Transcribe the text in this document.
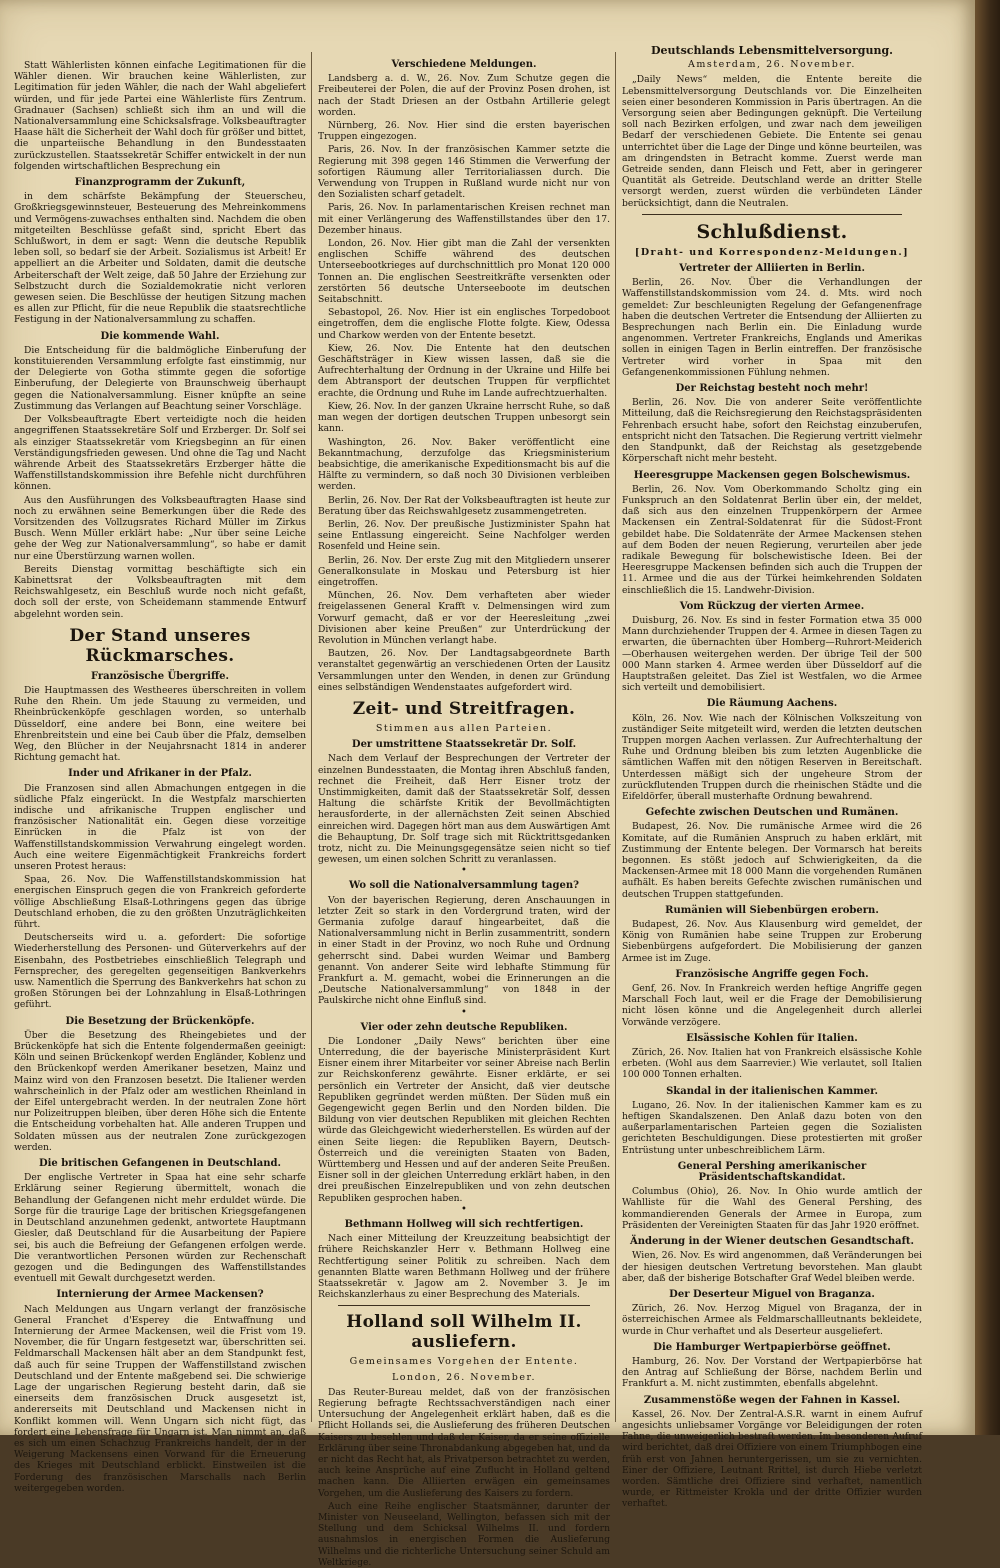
Statt Wählerlisten können einfache Legitimationen für die Wähler dienen. Wir brauchen keine Wählerlisten, zur Legitimation für jeden Wähler, die nach der Wahl abgeliefert würden, und für jede Partei eine Wählerliste fürs Zentrum. Gradnauer (Sachsen) schließt sich ihm an und will die Nationalversammlung eine Schicksalsfrage. Volksbeauftragter Haase hält die Sicherheit der Wahl doch für größer und bittet, die unparteiische Behandlung in den Bundesstaaten zurückzustellen. Staatssekretär Schiffer entwickelt in der nun folgenden wirtschaftlichen Besprechung ein

Finanzprogramm der Zukunft,

in dem schärfste Bekämpfung der Steuerscheu, Großkriegsgewinnsteuer, Besteuerung des Mehreinkommens und Vermögens-zuwachses enthalten sind. Nachdem die oben mitgeteilten Beschlüsse gefaßt sind, spricht Ebert das Schlußwort, in dem er sagt: Wenn die deutsche Republik leben soll, so bedarf sie der Arbeit. Sozialismus ist Arbeit! Er appelliert an die Arbeiter und Soldaten, damit die deutsche Arbeiterschaft der Welt zeige, daß 50 Jahre der Erziehung zur Selbstzucht durch die Sozialdemokratie nicht verloren gewesen seien. Die Beschlüsse der heutigen Sitzung machen es allen zur Pflicht, für die neue Republik die staatsrechtliche Festigung in der Nationalversammlung zu schaffen.

Die kommende Wahl.

Die Entscheidung für die baldmögliche Einberufung der konstituierenden Versammlung erfolgte fast einstimmig, nur der Delegierte von Gotha stimmte gegen die sofortige Einberufung, der Delegierte von Braunschweig überhaupt gegen die Nationalversammlung. Eisner knüpfte an seine Zustimmung das Verlangen auf Beachtung seiner Vorschläge.

Der Volksbeauftragte Ebert verteidigte noch die heiden angegriffenen Staatssekretäre Solf und Erzberger. Dr. Solf sei als einziger Staatssekretär vom Kriegsbeginn an für einen Verständigungsfrieden gewesen. Und ohne die Tag und Nacht währende Arbeit des Staatssekretärs Erzberger hätte die Waffenstillstandskommission ihre Befehle nicht durchführen können.

Aus den Ausführungen des Volksbeauftragten Haase sind noch zu erwähnen seine Bemerkungen über die Rede des Vorsitzenden des Vollzugsrates Richard Müller im Zirkus Busch. Wenn Müller erklärt habe: „Nur über seine Leiche gehe der Weg zur Nationalversammlung“, so habe er damit nur eine Überstürzung warnen wollen.

Bereits Dienstag vormittag beschäftigte sich ein Kabinettsrat der Volksbeauftragten mit dem Reichswahlgesetz, ein Beschluß wurde noch nicht gefaßt, doch soll der erste, von Scheidemann stammende Entwurf abgelehnt worden sein.

Der Stand unseres Rückmarsches.
Französische Übergriffe.

Die Hauptmassen des Westheeres überschreiten in vollem Ruhe den Rhein. Um jede Stauung zu vermeiden, und Rheinbrückenköpfe geschlagen worden, so unterhalb Düsseldorf, eine andere bei Bonn, eine weitere bei Ehrenbreitstein und eine bei Caub über die Pfalz, demselben Weg, den Blücher in der Neujahrsnacht 1814 in anderer Richtung gemacht hat.

Inder und Afrikaner in der Pfalz.

Die Franzosen sind allen Abmachungen entgegen in die südliche Pfalz eingerückt. In die Westpfalz marschierten indische und afrikanische Truppen englischer und französischer Nationalität ein. Gegen diese vorzeitige Einrücken in die Pfalz ist von der Waffenstillstandskommission Verwahrung eingelegt worden. Auch eine weitere Eigenmächtigkeit Frankreichs fordert unseren Protest heraus:

Spaa, 26. Nov. Die Waffenstillstandskommission hat energischen Einspruch gegen die von Frankreich geforderte völlige Abschließung Elsaß-Lothringens gegen das übrige Deutschland erhoben, die zu den größten Unzuträglichkeiten führt.

Deutscherseits wird u. a. gefordert: Die sofortige Wiederherstellung des Personen- und Güterverkehrs auf der Eisenbahn, des Postbetriebes einschließlich Telegraph und Fernsprecher, des geregelten gegenseitigen Bankverkehrs usw. Namentlich die Sperrung des Bankverkehrs hat schon zu großen Störungen bei der Lohnzahlung in Elsaß-Lothringen geführt.

Die Besetzung der Brückenköpfe.

Über die Besetzung des Rheingebietes und der Brückenköpfe hat sich die Entente folgendermaßen geeinigt: Köln und seinen Brückenkopf werden Engländer, Koblenz und den Brückenkopf werden Amerikaner besetzen, Mainz und Mainz wird von den Franzosen besetzt. Die Italiener werden wahrscheinlich in der Pfalz oder am westlichen Rheinland in der Eifel untergebracht werden. In der neutralen Zone hört nur Polizeitruppen bleiben, über deren Höhe sich die Entente die Entscheidung vorbehalten hat. Alle anderen Truppen und Soldaten müssen aus der neutralen Zone zurückgezogen werden.

Die britischen Gefangenen in Deutschland.

Der englische Vertreter in Spaa hat eine sehr scharfe Erklärung seiner Regierung übermittelt, wonach die Behandlung der Gefangenen nicht mehr erduldet würde. Die Sorge für die traurige Lage der britischen Kriegsgefangenen in Deutschland anzunehmen gedenkt, antwortete Hauptmann Giesler, daß Deutschland für die Ausarbeitung der Papiere sei, bis auch die Befreiung der Gefangenen erfolgen werde. Die verantwortlichen Personen würden zur Rechenschaft gezogen und die Bedingungen des Waffenstillstandes eventuell mit Gewalt durchgesetzt werden.

Internierung der Armee Mackensen?

Nach Meldungen aus Ungarn verlangt der französische General Franchet d'Esperey die Entwaffnung und Internierung der Armee Mackensen, weil die Frist vom 19. November, die für Ungarn festgesetzt war, überschritten sei. Feldmarschall Mackensen hält aber an dem Standpunkt fest, daß auch für seine Truppen der Waffenstillstand zwischen Deutschland und der Entente maßgebend sei. Die schwierige Lage der ungarischen Regierung besteht darin, daß sie einerseits dem französischen Druck ausgesetzt ist, andererseits mit Deutschland und Mackensen nicht in Konflikt kommen will. Wenn Ungarn sich nicht fügt, das fordert eine Lebensfrage für Ungarn ist. Man nimmt an, daß es sich um einen Schachzug Frankreichs handelt, der in der Weigerung Mackensens einen Vorwand für die Erneuerung des Krieges mit Deutschland erblickt. Einstweilen ist die Forderung des französischen Marschalls nach Berlin weitergegeben worden.

Verschiedene Meldungen.

Landsberg a. d. W., 26. Nov. Zum Schutze gegen die Freibeuterei der Polen, die auf der Provinz Posen drohen, ist nach der Stadt Driesen an der Ostbahn Artillerie gelegt worden.

Nürnberg, 26. Nov. Hier sind die ersten bayerischen Truppen eingezogen.

Paris, 26. Nov. In der französischen Kammer setzte die Regierung mit 398 gegen 146 Stimmen die Verwerfung der sofortigen Räumung aller Territorialiassen durch. Die Verwendung von Truppen in Rußland wurde nicht nur von den Sozialisten scharf getadelt.

Paris, 26. Nov. In parlamentarischen Kreisen rechnet man mit einer Verlängerung des Waffenstillstandes über den 17. Dezember hinaus.

London, 26. Nov. Hier gibt man die Zahl der versenkten englischen Schiffe während des deutschen Unterseebootkrieges auf durchschnittlich pro Monat 120 000 Tonnen an. Die englischen Seestreitkräfte versenkten oder zerstörten 56 deutsche Unterseeboote im deutschen Seitabschnitt.

Sebastopol, 26. Nov. Hier ist ein englisches Torpedoboot eingetroffen, dem die englische Flotte folgte. Kiew, Odessa und Charkow werden von der Entente besetzt.

Kiew, 26. Nov. Die Entente hat den deutschen Geschäftsträger in Kiew wissen lassen, daß sie die Aufrechterhaltung der Ordnung in der Ukraine und Hilfe bei dem Abtransport der deutschen Truppen für verpflichtet erachte, die Ordnung und Ruhe im Lande aufrechtzuerhalten.

Kiew, 26. Nov. In der ganzen Ukraine herrscht Ruhe, so daß man wegen der dortigen deutschen Truppen unbesorgt sein kann.

Washington, 26. Nov. Baker veröffentlicht eine Bekanntmachung, derzufolge das Kriegsministerium beabsichtige, die amerikanische Expeditionsmacht bis auf die Hälfte zu vermindern, so daß noch 30 Divisionen verbleiben werden.

Berlin, 26. Nov. Der Rat der Volksbeauftragten ist heute zur Beratung über das Reichswahlgesetz zusammengetreten.

Berlin, 26. Nov. Der preußische Justizminister Spahn hat seine Entlassung eingereicht. Seine Nachfolger werden Rosenfeld und Heine sein.

Berlin, 26. Nov. Der erste Zug mit den Mitgliedern unserer Generalkonsulate in Moskau und Petersburg ist hier eingetroffen.

München, 26. Nov. Dem verhafteten aber wieder freigelassenen General Krafft v. Delmensingen wird zum Vorwurf gemacht, daß er vor der Heeresleitung „zwei Divisionen aber keine Preußen“ zur Unterdrückung der Revolution in München verlangt habe.

Bautzen, 26. Nov. Der Landtagsabgeordnete Barth veranstaltet gegenwärtig an verschiedenen Orten der Lausitz Versammlungen unter den Wenden, in denen zur Gründung eines selbständigen Wendenstaates aufgefordert wird.

Zeit- und Streitfragen.
Stimmen aus allen Parteien.
Der umstrittene Staatssekretär Dr. Solf.

Nach dem Verlauf der Besprechungen der Vertreter der einzelnen Bundesstaaten, die Montag ihren Abschluß fanden, rechnet die Freiheit, daß Herr Eisner trotz der Unstimmigkeiten, damit daß der Staatssekretär Solf, dessen Haltung die schärfste Kritik der Bevollmächtigten herausforderte, in der allernächsten Zeit seinen Abschied einreichen wird. Dagegen hört man aus dem Auswärtigen Amt die Behauptung, Dr. Solf trage sich mit Rücktrittsgedanken trotz, nicht zu. Die Meinungsgegensätze seien nicht so tief gewesen, um einen solchen Schritt zu veranlassen.

•
Wo soll die Nationalversammlung tagen?

Von der bayerischen Regierung, deren Anschauungen in letzter Zeit so stark in den Vordergrund traten, wird der Germania zufolge darauf hingearbeitet, daß die Nationalversammlung nicht in Berlin zusammentritt, sondern in einer Stadt in der Provinz, wo noch Ruhe und Ordnung geherrscht sind. Dabei wurden Weimar und Bamberg genannt. Von anderer Seite wird lebhafte Stimmung für Frankfurt a. M. gemacht, wobei die Erinnerungen an die „Deutsche Nationalversammlung“ von 1848 in der Paulskirche nicht ohne Einfluß sind.

•
Vier oder zehn deutsche Republiken.

Die Londoner „Daily News“ berichten über eine Unterredung, die der bayerische Ministerpräsident Kurt Eisner einem ihrer Mitarbeiter vor seiner Abreise nach Berlin zur Reichskonferenz gewährte. Eisner erklärte, er sei persönlich ein Vertreter der Ansicht, daß vier deutsche Republiken gegründet werden müßten. Der Süden muß ein Gegengewicht gegen Berlin und den Norden bilden. Die Bildung von vier deutschen Republiken mit gleichen Rechten würde das Gleichgewicht wiederherstellen. Es würden auf der einen Seite liegen: die Republiken Bayern, Deutsch-Österreich und die vereinigten Staaten von Baden, Württemberg und Hessen und auf der anderen Seite Preußen. Eisner soll in der gleichen Unterredung erklärt haben, in den drei preußischen Einzelrepubliken und von zehn deutschen Republiken gesprochen haben.

•
Bethmann Hollweg will sich rechtfertigen.

Nach einer Mitteilung der Kreuzzeitung beabsichtigt der frühere Reichskanzler Herr v. Bethmann Hollweg eine Rechtfertigung seiner Politik zu schreiben. Nach dem genannten Blatte waren Bethmann Hollweg und der frühere Staatssekretär v. Jagow am 2. November 3. Je im Reichskanzlerhaus zu einer Besprechung des Materials.

Holland soll Wilhelm II. ausliefern.
Gemeinsames Vorgehen der Entente.
London, 26. November.

Das Reuter-Bureau meldet, daß von der französischen Regierung befragte Rechtssachverständigen nach einer Untersuchung der Angelegenheit erklärt haben, daß es die Pflicht Hollands sei, die Auslieferung des früheren Deutschen Kaisers zu besehlen und daß der Kaiser, da er seine offizielle Erklärung über seine Thronabdankung abgegeben hat, und da er nicht das Recht hat, als Privatperson betrachtet zu werden, auch keine Ansprüche auf eine Zuflucht in Holland geltend machen kann. Die Alliierten erwägen ein gemeinsames Vorgehen, um die Auslieferung des Kaisers zu fordern.

Auch eine Reihe englischer Staatsmänner, darunter der Minister von Neuseeland, Wellington, befassen sich mit der Stellung und dem Schicksal Wilhelms II. und fordern ausnahmslos in energischen Formen die Auslieferung Wilhelms und die richterliche Untersuchung seiner Schuld am Weltkriege.

Deutschlands Lebensmittelversorgung.
Amsterdam, 26. November.

„Daily News“ melden, die Entente bereite die Lebensmittelversorgung Deutschlands vor. Die Einzelheiten seien einer besonderen Kommission in Paris übertragen. An die Versorgung seien aber Bedingungen geknüpft. Die Verteilung soll nach Bezirken erfolgen, und zwar nach dem jeweiligen Bedarf der verschiedenen Gebiete. Die Entente sei genau unterrichtet über die Lage der Dinge und könne beurteilen, was am dringendsten in Betracht komme. Zuerst werde man Getreide senden, dann Fleisch und Fett, aber in geringerer Quantität als Getreide. Deutschland werde an dritter Stelle versorgt werden, zuerst würden die verbündeten Länder berücksichtigt, dann die Neutralen.

Schlußdienst.
[Draht- und Korrespondenz-Meldungen.]
Vertreter der Alliierten in Berlin.

Berlin, 26. Nov. Über die Verhandlungen der Waffenstillstandskommission vom 24. d. Mts. wird noch gemeldet: Zur beschleunigten Regelung der Gefangenenfrage haben die deutschen Vertreter die Entsendung der Alliierten zu Besprechungen nach Berlin ein. Die Einladung wurde angenommen. Vertreter Frankreichs, Englands und Amerikas sollen in einigen Tagen in Berlin eintreffen. Der französische Vertreter wird vorher in Spaa mit den Gefangenenkommissionen Fühlung nehmen.

Der Reichstag besteht noch mehr!

Berlin, 26. Nov. Die von anderer Seite veröffentlichte Mitteilung, daß die Reichsregierung den Reichstagspräsidenten Fehrenbach ersucht habe, sofort den Reichstag einzuberufen, entspricht nicht den Tatsachen. Die Regierung vertritt vielmehr den Standpunkt, daß der Reichstag als gesetzgebende Körperschaft nicht mehr besteht.

Heeresgruppe Mackensen gegen Bolschewismus.

Berlin, 26. Nov. Vom Oberkommando Scholtz ging ein Funkspruch an den Soldatenrat Berlin über ein, der meldet, daß sich aus den einzelnen Truppenkörpern der Armee Mackensen ein Zentral-Soldatenrat für die Südost-Front gebildet habe. Die Soldatenräte der Armee Mackensen stehen auf dem Boden der neuen Regierung, verurteilen aber jede radikale Bewegung für bolschewistische Ideen. Bei der Heeresgruppe Mackensen befinden sich auch die Truppen der 11. Armee und die aus der Türkei heimkehrenden Soldaten einschließlich die 15. Landwehr-Division.

Vom Rückzug der vierten Armee.

Duisburg, 26. Nov. Es sind in fester Formation etwa 35 000 Mann durchziehender Truppen der 4. Armee in diesen Tagen zu erwarten, die übernachten über Homberg—Ruhrort-Meiderich—Oberhausen weitergehen werden. Der übrige Teil der 500 000 Mann starken 4. Armee werden über Düsseldorf auf die Hauptstraßen geleitet. Das Ziel ist Westfalen, wo die Armee sich verteilt und demobilisiert.

Die Räumung Aachens.

Köln, 26. Nov. Wie nach der Kölnischen Volkszeitung von zuständiger Seite mitgeteilt wird, werden die letzten deutschen Truppen morgen Aachen verlassen. Zur Aufrechterhaltung der Ruhe und Ordnung bleiben bis zum letzten Augenblicke die sämtlichen Waffen mit den nötigen Reserven in Bereitschaft. Unterdessen mäßigt sich der ungeheure Strom der zurückflutenden Truppen durch die rheinischen Städte und die Eifeldörfer, überall musterhafte Ordnung bewahrend.

Gefechte zwischen Deutschen und Rumänen.

Budapest, 26. Nov. Die rumänische Armee wird die 26 Komitate, auf die Rumänien Anspruch zu haben erklärt, mit Zustimmung der Entente belegen. Der Vormarsch hat bereits begonnen. Es stößt jedoch auf Schwierigkeiten, da die Mackensen-Armee mit 18 000 Mann die vorgehenden Rumänen aufhält. Es haben bereits Gefechte zwischen rumänischen und deutschen Truppen stattgefunden.

Rumänien will Siebenbürgen erobern.

Budapest, 26. Nov. Aus Klausenburg wird gemeldet, der König von Rumänien habe seine Truppen zur Eroberung Siebenbürgens aufgefordert. Die Mobilisierung der ganzen Armee ist im Zuge.

Französische Angriffe gegen Foch.

Genf, 26. Nov. In Frankreich werden heftige Angriffe gegen Marschall Foch laut, weil er die Frage der Demobilisierung nicht lösen könne und die Angelegenheit durch allerlei Vorwände verzögere.

Elsässische Kohlen für Italien.

Zürich, 26. Nov. Italien hat von Frankreich elsässische Kohle erbeten. (Wohl aus dem Saarrevier.) Wie verlautet, soll Italien 100 000 Tonnen erhalten.

Skandal in der italienischen Kammer.

Lugano, 26. Nov. In der italienischen Kammer kam es zu heftigen Skandalszenen. Den Anlaß dazu boten von den außerparlamentarischen Parteien gegen die Sozialisten gerichteten Beschuldigungen. Diese protestierten mit großer Entrüstung unter unbeschreiblichem Lärm.

General Pershing amerikanischer Präsidentschaftskandidat.

Columbus (Ohio), 26. Nov. In Ohio wurde amtlich der Wahlliste für die Wahl des General Pershing, des kommandierenden Generals der Armee in Europa, zum Präsidenten der Vereinigten Staaten für das Jahr 1920 eröffnet.

Änderung in der Wiener deutschen Gesandtschaft.

Wien, 26. Nov. Es wird angenommen, daß Veränderungen bei der hiesigen deutschen Vertretung bevorstehen. Man glaubt aber, daß der bisherige Botschafter Graf Wedel bleiben werde.

Der Deserteur Miguel von Braganza.

Zürich, 26. Nov. Herzog Miguel von Braganza, der in österreichischen Armee als Feldmarschallleutnants bekleidete, wurde in Chur verhaftet und als Deserteur ausgeliefert.

Die Hamburger Wertpapierbörse geöffnet.

Hamburg, 26. Nov. Der Vorstand der Wertpapierbörse hat den Antrag auf Schließung der Börse, nachdem Berlin und Frankfurt a. M. nicht zustimmten, ebenfalls abgelehnt.

Zusammenstöße wegen der Fahnen in Kassel.

Kassel, 26. Nov. Der Zentral-A.S.R. warnt in einem Aufruf angesichts unliebsamer Vorgänge vor Beleidigungen der roten Fahne, die unweigerlich bestraft werden. Im besonderen Aufruf wird berichtet, daß drei Offiziere von einem Triumphbogen eine früh erst von Jahnen heruntergerissen, um sie zu vernichten. Einer der Offiziere, Leutnant Rrittel, ist durch Hiebe verletzt worden. Sämtliche drei Offiziere sind verhaftet, namentlich wurde, er Rittmeister Krokla und der dritte Offizier wurden verhaftet.
